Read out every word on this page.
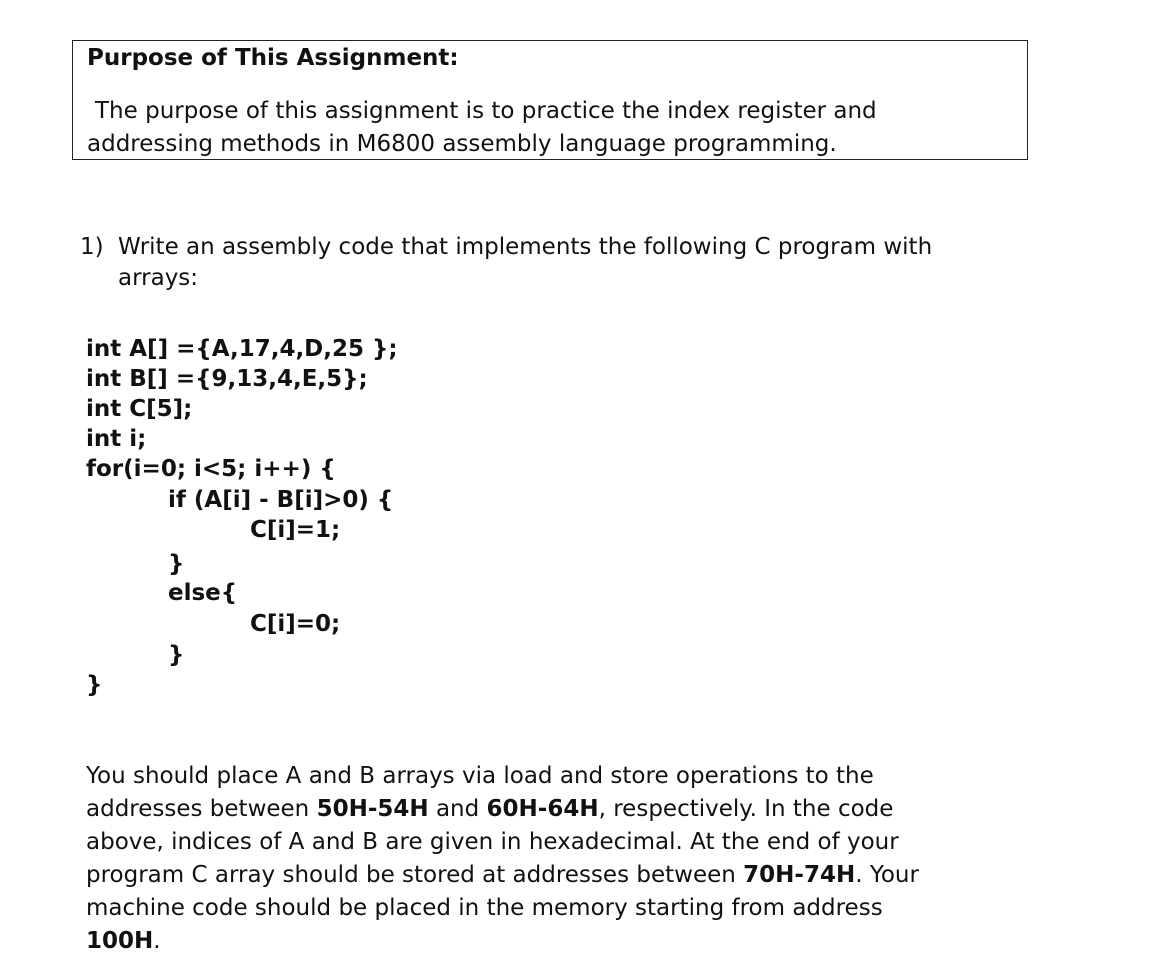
Purpose of This Assignment:
The purpose of this assignment is to practice the index register and
addressing methods in M6800 assembly language programming.
1) Write an assembly code that implements the following C program with
arrays:
int A[] ={A,17,4,D,25 };
int B[] ={9,13,4,E,5};
int C[5];
int i;
for(i=0; i<5; i++) {
if (A[i] - B[i]>0) {
C[i]=1;
}
else{
C[i]=0;
}
}
You should place A and B arrays via load and store operations to the
addresses between 50H-54H and 60H-64H, respectively. In the code
above, indices of A and B are given in hexadecimal. At the end of your
program C array should be stored at addresses between 70H-74H. Your
machine code should be placed in the memory starting from address
100H.
